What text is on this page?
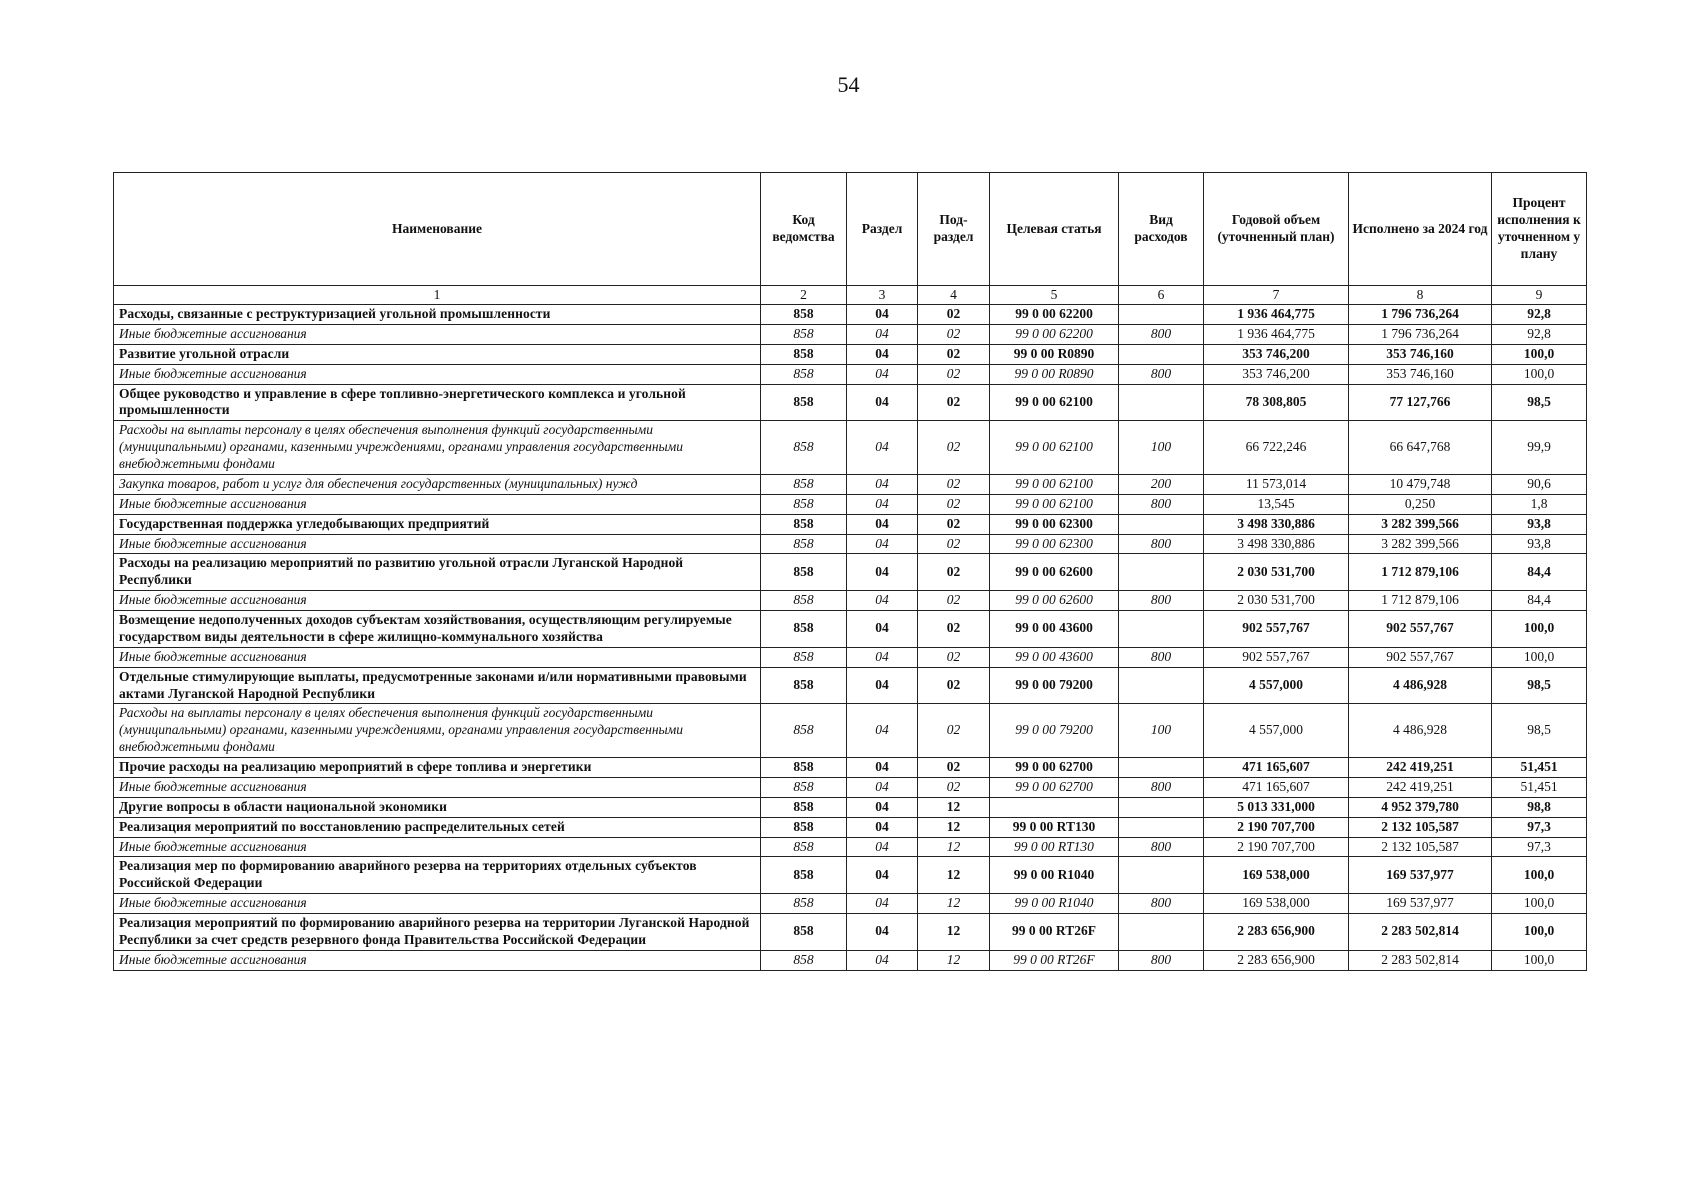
54
Наименование	Код ведомства	Раздел	Под-раздел	Целевая статья	Вид расходов	Годовой объем (уточненный план)	Исполнено за 2024 год	Процент исполнения к уточненном у плану
1	2	3	4	5	6	7	8	9
Расходы, связанные с реструктуризацией угольной промышленности	858	04	02	99 0 00 62200		1 936 464,775	1 796 736,264	92,8
Иные бюджетные ассигнования	858	04	02	99 0 00 62200	800	1 936 464,775	1 796 736,264	92,8
Развитие угольной отрасли	858	04	02	99 0 00 R0890		353 746,200	353 746,160	100,0
Иные бюджетные ассигнования	858	04	02	99 0 00 R0890	800	353 746,200	353 746,160	100,0
Общее руководство и управление в сфере топливно-энергетического комплекса и угольной промышленности	858	04	02	99 0 00 62100		78 308,805	77 127,766	98,5
Расходы на выплаты персоналу в целях обеспечения выполнения функций государственными (муниципальными) органами, казенными учреждениями, органами управления государственными внебюджетными фондами	858	04	02	99 0 00 62100	100	66 722,246	66 647,768	99,9
Закупка товаров, работ и услуг для обеспечения государственных (муниципальных) нужд	858	04	02	99 0 00 62100	200	11 573,014	10 479,748	90,6
Иные бюджетные ассигнования	858	04	02	99 0 00 62100	800	13,545	0,250	1,8
Государственная поддержка угледобывающих предприятий	858	04	02	99 0 00 62300		3 498 330,886	3 282 399,566	93,8
Иные бюджетные ассигнования	858	04	02	99 0 00 62300	800	3 498 330,886	3 282 399,566	93,8
Расходы на реализацию мероприятий по развитию угольной отрасли Луганской Народной Республики	858	04	02	99 0 00 62600		2 030 531,700	1 712 879,106	84,4
Иные бюджетные ассигнования	858	04	02	99 0 00 62600	800	2 030 531,700	1 712 879,106	84,4
Возмещение недополученных доходов субъектам хозяйствования, осуществляющим регулируемые государством виды деятельности в сфере жилищно-коммунального хозяйства	858	04	02	99 0 00 43600		902 557,767	902 557,767	100,0
Иные бюджетные ассигнования	858	04	02	99 0 00 43600	800	902 557,767	902 557,767	100,0
Отдельные стимулирующие выплаты, предусмотренные законами и/или нормативными правовыми актами Луганской Народной Республики	858	04	02	99 0 00 79200		4 557,000	4 486,928	98,5
Расходы на выплаты персоналу в целях обеспечения выполнения функций государственными (муниципальными) органами, казенными учреждениями, органами управления государственными внебюджетными фондами	858	04	02	99 0 00 79200	100	4 557,000	4 486,928	98,5
Прочие расходы на реализацию мероприятий в сфере топлива и энергетики	858	04	02	99 0 00 62700		471 165,607	242 419,251	51,451
Иные бюджетные ассигнования	858	04	02	99 0 00 62700	800	471 165,607	242 419,251	51,451
Другие вопросы в области национальной экономики	858	04	12			5 013 331,000	4 952 379,780	98,8
Реализация мероприятий по восстановлению распределительных сетей	858	04	12	99 0 00 RT130		2 190 707,700	2 132 105,587	97,3
Иные бюджетные ассигнования	858	04	12	99 0 00 RT130	800	2 190 707,700	2 132 105,587	97,3
Реализация мер по формированию аварийного резерва на территориях отдельных субъектов Российской Федерации	858	04	12	99 0 00 R1040		169 538,000	169 537,977	100,0
Иные бюджетные ассигнования	858	04	12	99 0 00 R1040	800	169 538,000	169 537,977	100,0
Реализация мероприятий по формированию аварийного резерва на территории Луганской Народной Республики за счет средств резервного фонда Правительства Российской Федерации	858	04	12	99 0 00 RT26F		2 283 656,900	2 283 502,814	100,0
Иные бюджетные ассигнования	858	04	12	99 0 00 RT26F	800	2 283 656,900	2 283 502,814	100,0
